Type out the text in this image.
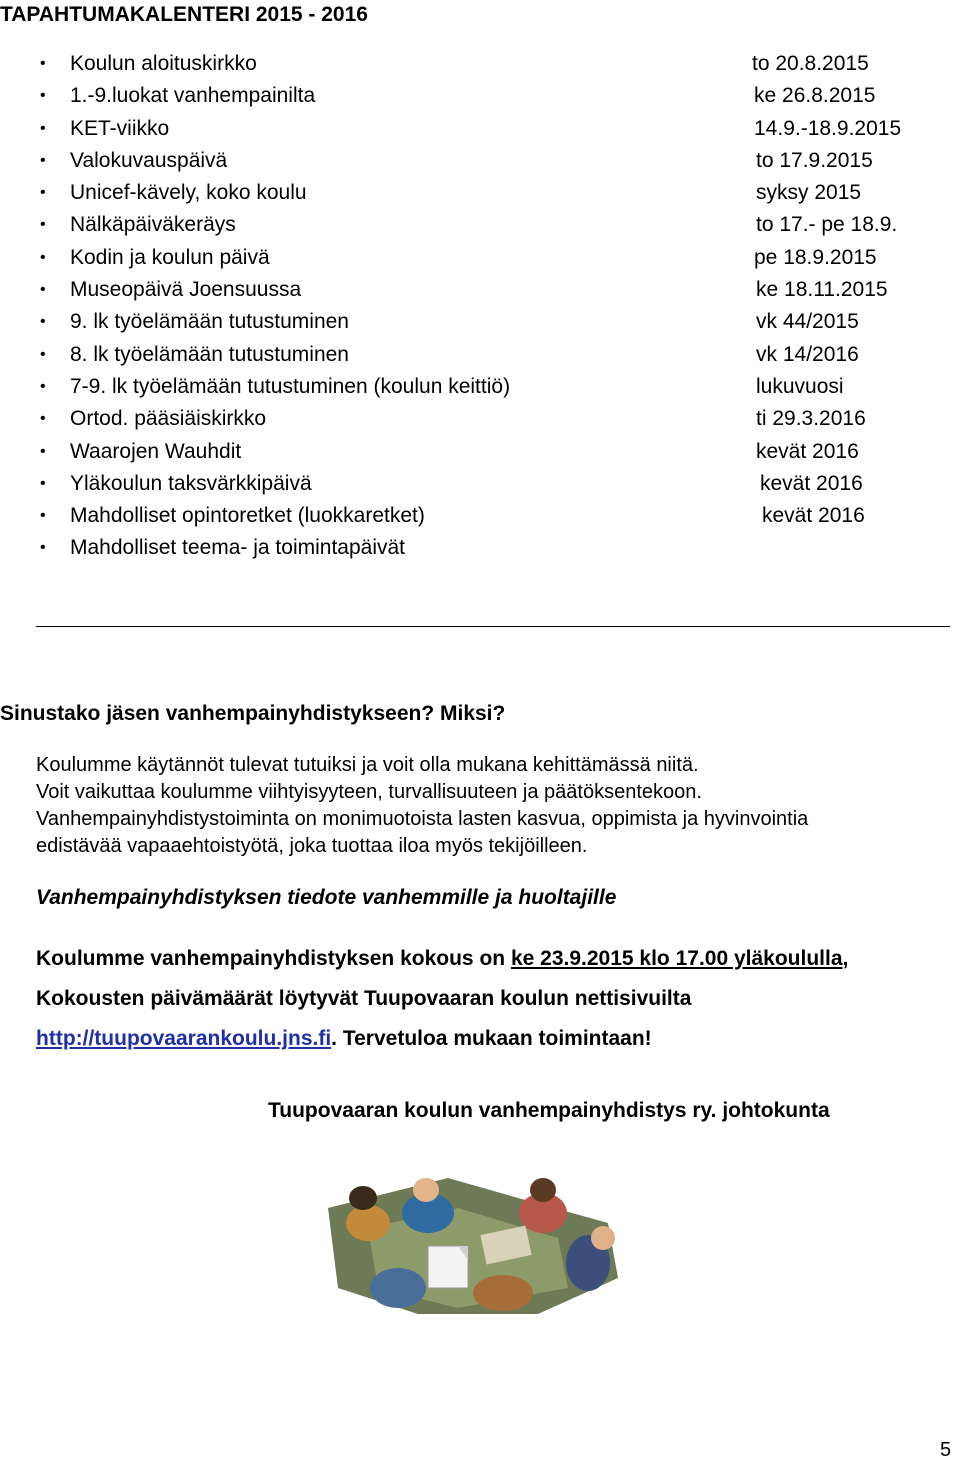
TAPAHTUMAKALENTERI 2015 - 2016
• Koulun aloituskirkko	to 20.8.2015
• 1.-9.luokat vanhempainilta	ke 26.8.2015
• KET-viikko	14.9.-18.9.2015
• Valokuvauspäivä	to 17.9.2015
• Unicef-kävely, koko koulu	syksy 2015
• Nälkäpäiväkeräys	to 17.- pe 18.9.
• Kodin ja koulun päivä	pe 18.9.2015
• Museopäivä Joensuussa	ke 18.11.2015
• 9. lk työelämään tutustuminen	vk 44/2015
• 8. lk työelämään tutustuminen	vk 14/2016
• 7-9. lk työelämään tutustuminen (koulun keittiö)	lukuvuosi
• Ortod. pääsiäiskirkko	ti 29.3.2016
• Waarojen Wauhdit	kevät 2016
• Yläkoulun taksvärkkipäivä	kevät 2016
• Mahdolliset opintoretket (luokkaretket)	kevät 2016
• Mahdolliset teema- ja toimintapäivät
Sinustako jäsen vanhempainyhdistykseen? Miksi?
Koulumme käytännöt tulevat tutuiksi ja voit olla mukana kehittämässä niitä.
Voit vaikuttaa koulumme viihtyisyyteen, turvallisuuteen ja päätöksentekoon.
Vanhempainyhdistystoiminta on monimuotoista lasten kasvua, oppimista ja hyvinvointia
edistävää vapaaehtoistyötä, joka tuottaa iloa myös tekijöilleen.
Vanhempainyhdistyksen tiedote vanhemmille ja huoltajille
Koulumme vanhempainyhdistyksen kokous on ke 23.9.2015 klo 17.00 yläkoululla,
Kokousten päivämäärät löytyvät Tuupovaaran koulun nettisivuilta
http://tuupovaarankoulu.jns.fi. Tervetuloa mukaan toimintaan!
Tuupovaaran koulun vanhempainyhdistys ry. johtokunta
5
